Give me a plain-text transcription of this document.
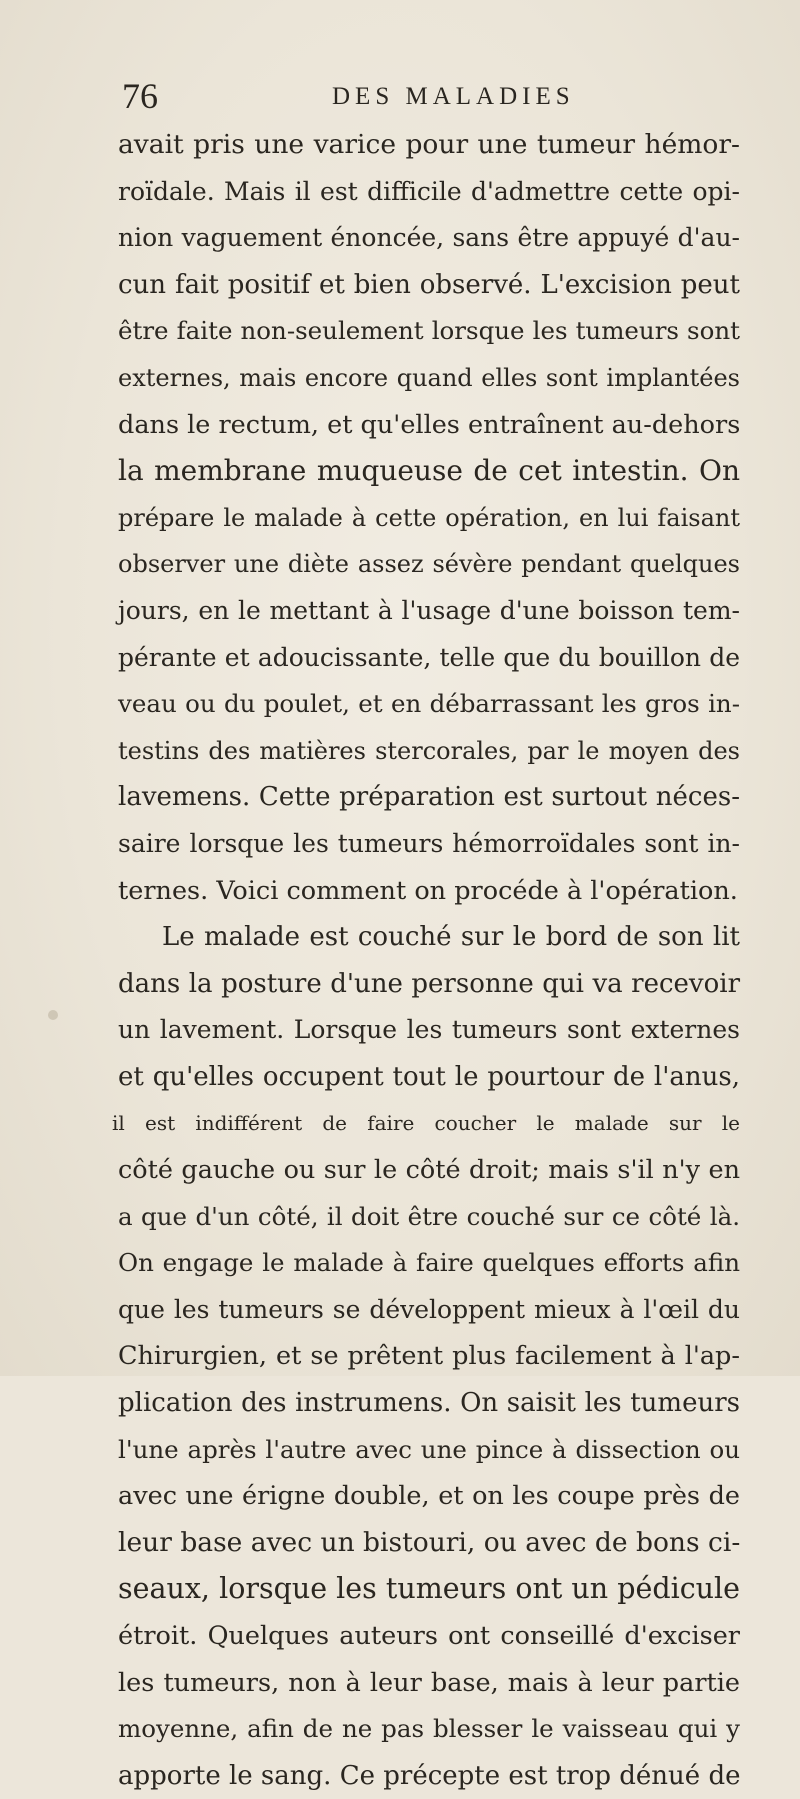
76	DES MALADIES
avait pris une varice pour une tumeur hémor-
roïdale. Mais il est difficile d'admettre cette opi-
nion vaguement énoncée, sans être appuyé d'au-
cun fait positif et bien observé. L'excision peut
être faite non-seulement lorsque les tumeurs sont
externes, mais encore quand elles sont implantées
dans le rectum, et qu'elles entraînent au-dehors
la membrane muqueuse de cet intestin. On
prépare le malade à cette opération, en lui faisant
observer une diète assez sévère pendant quelques
jours, en le mettant à l'usage d'une boisson tem-
pérante et adoucissante, telle que du bouillon de
veau ou du poulet, et en débarrassant les gros in-
testins des matières stercorales, par le moyen des
lavemens. Cette préparation est surtout néces-
saire lorsque les tumeurs hémorroïdales sont in-
ternes. Voici comment on procéde à l'opération.
Le malade est couché sur le bord de son lit
dans la posture d'une personne qui va recevoir
un lavement. Lorsque les tumeurs sont externes
et qu'elles occupent tout le pourtour de l'anus,
il est indifférent de faire coucher le malade sur le
côté gauche ou sur le côté droit; mais s'il n'y en
a que d'un côté, il doit être couché sur ce côté là.
On engage le malade à faire quelques efforts afin
que les tumeurs se développent mieux à l'œil du
Chirurgien, et se prêtent plus facilement à l'ap-
plication des instrumens. On saisit les tumeurs
l'une après l'autre avec une pince à dissection ou
avec une érigne double, et on les coupe près de
leur base avec un bistouri, ou avec de bons ci-
seaux, lorsque les tumeurs ont un pédicule
étroit. Quelques auteurs ont conseillé d'exciser
les tumeurs, non à leur base, mais à leur partie
moyenne, afin de ne pas blesser le vaisseau qui y
apporte le sang. Ce précepte est trop dénué de
